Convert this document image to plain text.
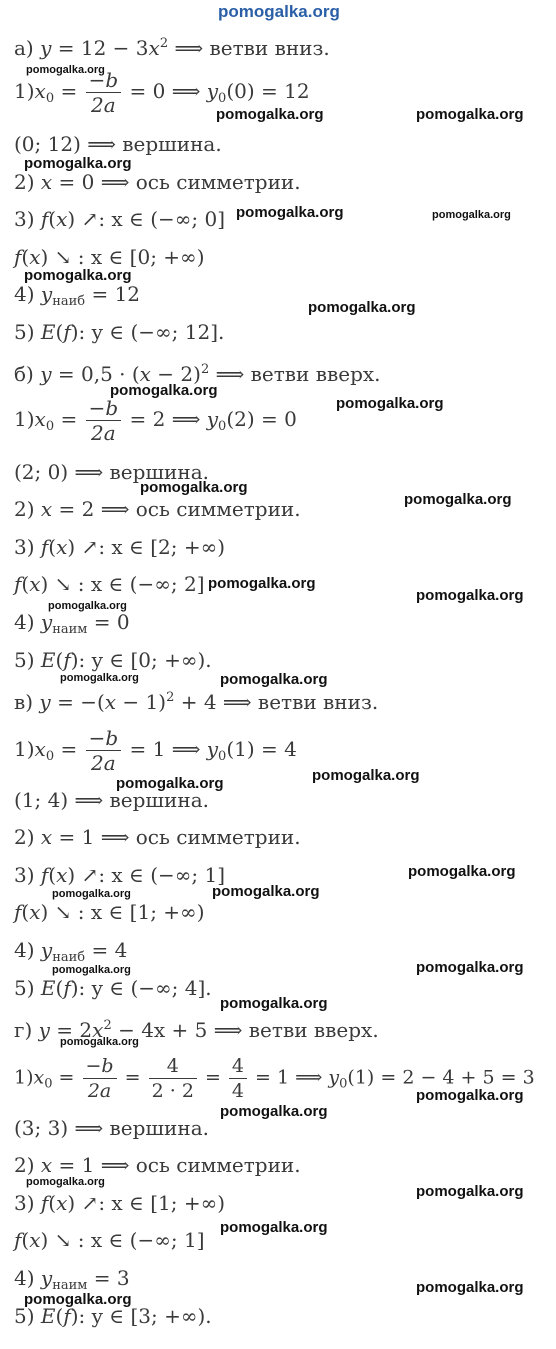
pomogalka.org
а) $y = 12 - 3x^2$ ⟹ ветви вниз.
$1)x_0 = \frac{-b}{2a} = 0$ ⟹ $y_0(0) = 12$
(0; 12) ⟹ вершина.
2) x = 0 ⟹ ось симметрии.
3) f(x) ↗: x ∈ (−∞; 0]
f(x) ↘ : x ∈ [0; +∞)
4) $y_{наиб} = 12$
5) E(f): y ∈ (−∞; 12].
б) $y = 0,5 \cdot (x - 2)^2$ ⟹ ветви вверх.
$1)x_0 = \frac{-b}{2a} = 2$ ⟹ $y_0(2) = 0$
(2; 0) ⟹ вершина.
2) x = 2 ⟹ ось симметрии.
3) f(x) ↗: x ∈ [2; +∞)
f(x) ↘ : x ∈ (−∞; 2]
4) $y_{наим} = 0$
5) E(f): y ∈ [0; +∞).
в) $y = -(x - 1)^2 + 4$ ⟹ ветви вниз.
$1)x_0 = \frac{-b}{2a} = 1$ ⟹ $y_0(1) = 4$
(1; 4) ⟹ вершина.
2) x = 1 ⟹ ось симметрии.
3) f(x) ↗: x ∈ (−∞; 1]
f(x) ↘ : x ∈ [1; +∞)
4) $y_{наиб} = 4$
5) E(f): y ∈ (−∞; 4].
г) $y = 2x^2 - 4x + 5$ ⟹ ветви вверх.
$1)x_0 = \frac{-b}{2a} = \frac{4}{2 \cdot 2} = \frac{4}{4} = 1$ ⟹ $y_0(1) = 2 - 4 + 5 = 3$
(3; 3) ⟹ вершина.
2) x = 1 ⟹ ось симметрии.
3) f(x) ↗: x ∈ [1; +∞)
f(x) ↘ : x ∈ (−∞; 1]
4) $y_{наим} = 3$
5) E(f): y ∈ [3; +∞).
pomogalka.org
pomogalka.org	pomogalka.org
pomogalka.org
pomogalka.org	pomogalka.org
pomogalka.org
pomogalka.org
pomogalka.org
pomogalka.org
pomogalka.org
pomogalka.org
pomogalka.org
pomogalka.org
pomogalka.org
pomogalka.org	pomogalka.org
pomogalka.org
pomogalka.org
pomogalka.org
pomogalka.org	pomogalka.org
pomogalka.org	pomogalka.org
pomogalka.org
pomogalka.org
pomogalka.org
pomogalka.org
pomogalka.org
pomogalka.org
pomogalka.org
pomogalka.org
pomogalka.org
